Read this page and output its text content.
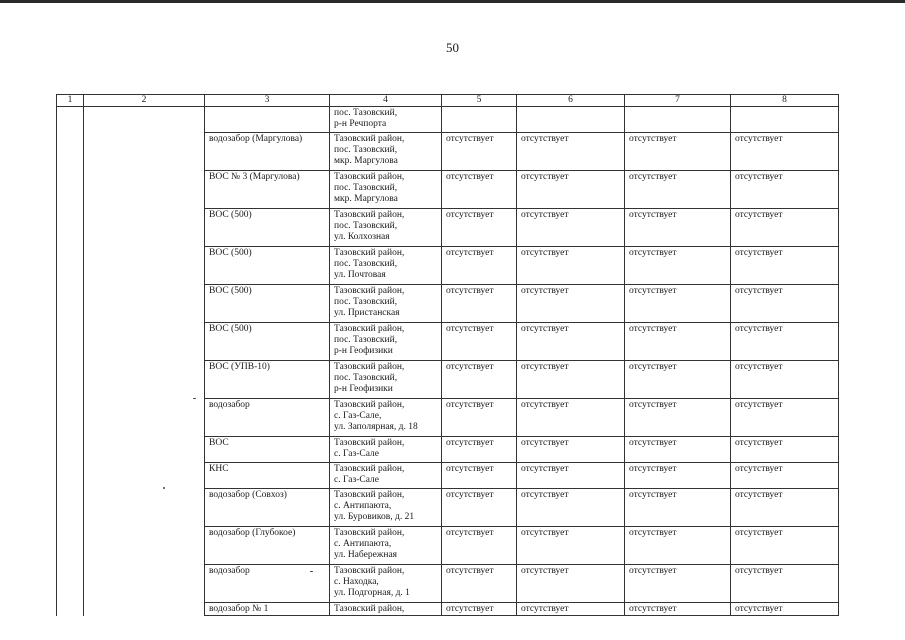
50
1	2	3	4	5	6	7	8
			пос. Тазовский,
р-н Речпорта				
		водозабор (Маргулова)	Тазовский район,
пос. Тазовский,
мкр. Маргулова	отсутствует	отсутствует	отсутствует	отсутствует
		ВОС № 3 (Маргулова)	Тазовский район,
пос. Тазовский,
мкр. Маргулова	отсутствует	отсутствует	отсутствует	отсутствует
		ВОС (500)	Тазовский район,
пос. Тазовский,
ул. Колхозная	отсутствует	отсутствует	отсутствует	отсутствует
		ВОС (500)	Тазовский район,
пос. Тазовский,
ул. Почтовая	отсутствует	отсутствует	отсутствует	отсутствует
		ВОС (500)	Тазовский район,
пос. Тазовский,
ул. Пристанская	отсутствует	отсутствует	отсутствует	отсутствует
		ВОС (500)	Тазовский район,
пос. Тазовский,
р-н Геофизики	отсутствует	отсутствует	отсутствует	отсутствует
		ВОС (УПВ-10)	Тазовский район,
пос. Тазовский,
р-н Геофизики	отсутствует	отсутствует	отсутствует	отсутствует
		водозабор	Тазовский район,
с. Газ-Сале,
ул. Заполярная, д. 18	отсутствует	отсутствует	отсутствует	отсутствует
		ВОС	Тазовский район,
с. Газ-Сале	отсутствует	отсутствует	отсутствует	отсутствует
		КНС	Тазовский район,
с. Газ-Сале	отсутствует	отсутствует	отсутствует	отсутствует
		водозабор (Совхоз)	Тазовский район,
с. Антипаюта,
ул. Буровиков, д. 21	отсутствует	отсутствует	отсутствует	отсутствует
		водозабор (Глубокое)	Тазовский район,
с. Антипаюта,
ул. Набережная	отсутствует	отсутствует	отсутствует	отсутствует
		водозабор	Тазовский район,
с. Находка,
ул. Подгорная, д. 1	отсутствует	отсутствует	отсутствует	отсутствует
		водозабор № 1	Тазовский район,	отсутствует	отсутствует	отсутствует	отсутствует
